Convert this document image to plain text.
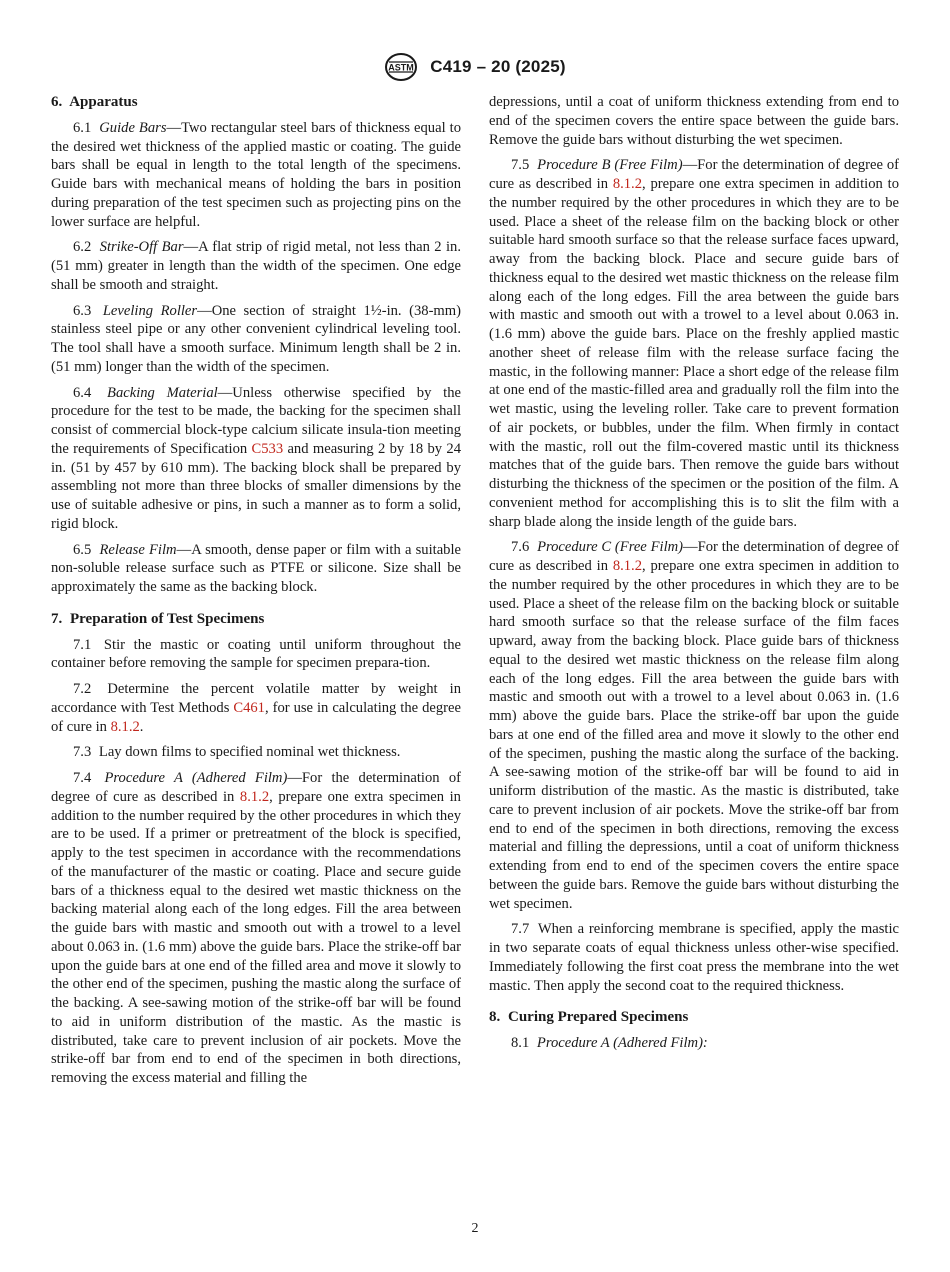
ASTM C419 – 20 (2025)
6. Apparatus

6.1 Guide Bars—Two rectangular steel bars of thickness equal to the desired wet thickness of the applied mastic or coating. The guide bars shall be equal in length to the total length of the specimens. Guide bars with mechanical means of holding the bars in position during preparation of the test specimen such as projecting pins on the lower surface are helpful.

6.2 Strike-Off Bar—A flat strip of rigid metal, not less than 2 in. (51 mm) greater in length than the width of the specimen. One edge shall be smooth and straight.

6.3 Leveling Roller—One section of straight 1½-in. (38-mm) stainless steel pipe or any other convenient cylindrical leveling tool. The tool shall have a smooth surface. Minimum length shall be 2 in. (51 mm) longer than the width of the specimen.

6.4 Backing Material—Unless otherwise specified by the procedure for the test to be made, the backing for the specimen shall consist of commercial block-type calcium silicate insula-tion meeting the requirements of Specification C533 and measuring 2 by 18 by 24 in. (51 by 457 by 610 mm). The backing block shall be prepared by assembling not more than three blocks of smaller dimensions by the use of suitable adhesive or pins, in such a manner as to form a solid, rigid block.

6.5 Release Film—A smooth, dense paper or film with a suitable non-soluble release surface such as PTFE or silicone. Size shall be approximately the same as the backing block.

7. Preparation of Test Specimens

7.1 Stir the mastic or coating until uniform throughout the container before removing the sample for specimen prepara-tion.

7.2 Determine the percent volatile matter by weight in accordance with Test Methods C461, for use in calculating the degree of cure in 8.1.2.

7.3 Lay down films to specified nominal wet thickness.

7.4 Procedure A (Adhered Film)—For the determination of degree of cure as described in 8.1.2, prepare one extra specimen in addition to the number required by the other procedures in which they are to be used. If a primer or pretreatment of the block is specified, apply to the test specimen in accordance with the recommendations of the manufacturer of the mastic or coating. Place and secure guide bars of a thickness equal to the desired wet mastic thickness on the backing material along each of the long edges. Fill the area between the guide bars with mastic and smooth out with a trowel to a level about 0.063 in. (1.6 mm) above the guide bars. Place the strike-off bar upon the guide bars at one end of the filled area and move it slowly to the other end of the specimen, pushing the mastic along the surface of the backing. A see-sawing motion of the strike-off bar will be found to aid in uniform distribution of the mastic. As the mastic is distributed, take care to prevent inclusion of air pockets. Move the strike-off bar from end to end of the specimen in both directions, removing the excess material and filling the

depressions, until a coat of uniform thickness extending from end to end of the specimen covers the entire space between the guide bars. Remove the guide bars without disturbing the wet specimen.

7.5 Procedure B (Free Film)—For the determination of degree of cure as described in 8.1.2, prepare one extra specimen in addition to the number required by the other procedures in which they are to be used. Place a sheet of the release film on the backing block or other suitable hard smooth surface so that the release surface faces upward, away from the backing block. Place and secure guide bars of thickness equal to the desired wet mastic thickness on the release film along each of the long edges. Fill the area between the guide bars with mastic and smooth out with a trowel to a level about 0.063 in. (1.6 mm) above the guide bars. Place on the freshly applied mastic another sheet of release film with the release surface facing the mastic, in the following manner: Place a short edge of the release film at one end of the mastic-filled area and gradually roll the film into the wet mastic, using the leveling roller. Take care to prevent formation of air pockets, or bubbles, under the film. When firmly in contact with the mastic, roll out the film-covered mastic until its thickness matches that of the guide bars. Then remove the guide bars without disturbing the thickness of the specimen or the position of the film. A convenient method for accomplishing this is to slit the film with a sharp blade along the inside length of the guide bars.

7.6 Procedure C (Free Film)—For the determination of degree of cure as described in 8.1.2, prepare one extra specimen in addition to the number required by the other procedures in which they are to be used. Place a sheet of the release film on the backing block or suitable hard smooth surface so that the release surface of the film faces upward, away from the backing block. Place guide bars of thickness equal to the desired wet mastic thickness on the release film along each of the long edges. Fill the area between the guide bars with mastic and smooth out with a trowel to a level about 0.063 in. (1.6 mm) above the guide bars. Place the strike-off bar upon the guide bars at one end of the filled area and move it slowly to the other end of the specimen, pushing the mastic along the surface of the backing. A see-sawing motion of the strike-off bar will be found to aid in uniform distribution of the mastic. As the mastic is distributed, take care to prevent inclusion of air pockets. Move the strike-off bar from end to end of the specimen in both directions, removing the excess material and filling the depressions, until a coat of uniform thickness extending from end to end of the specimen covers the entire space between the guide bars. Remove the guide bars without disturbing the wet specimen.

7.7 When a reinforcing membrane is specified, apply the mastic in two separate coats of equal thickness unless other-wise specified. Immediately following the first coat press the membrane into the wet mastic. Then apply the second coat to the required thickness.

8. Curing Prepared Specimens

8.1 Procedure A (Adhered Film):

2
